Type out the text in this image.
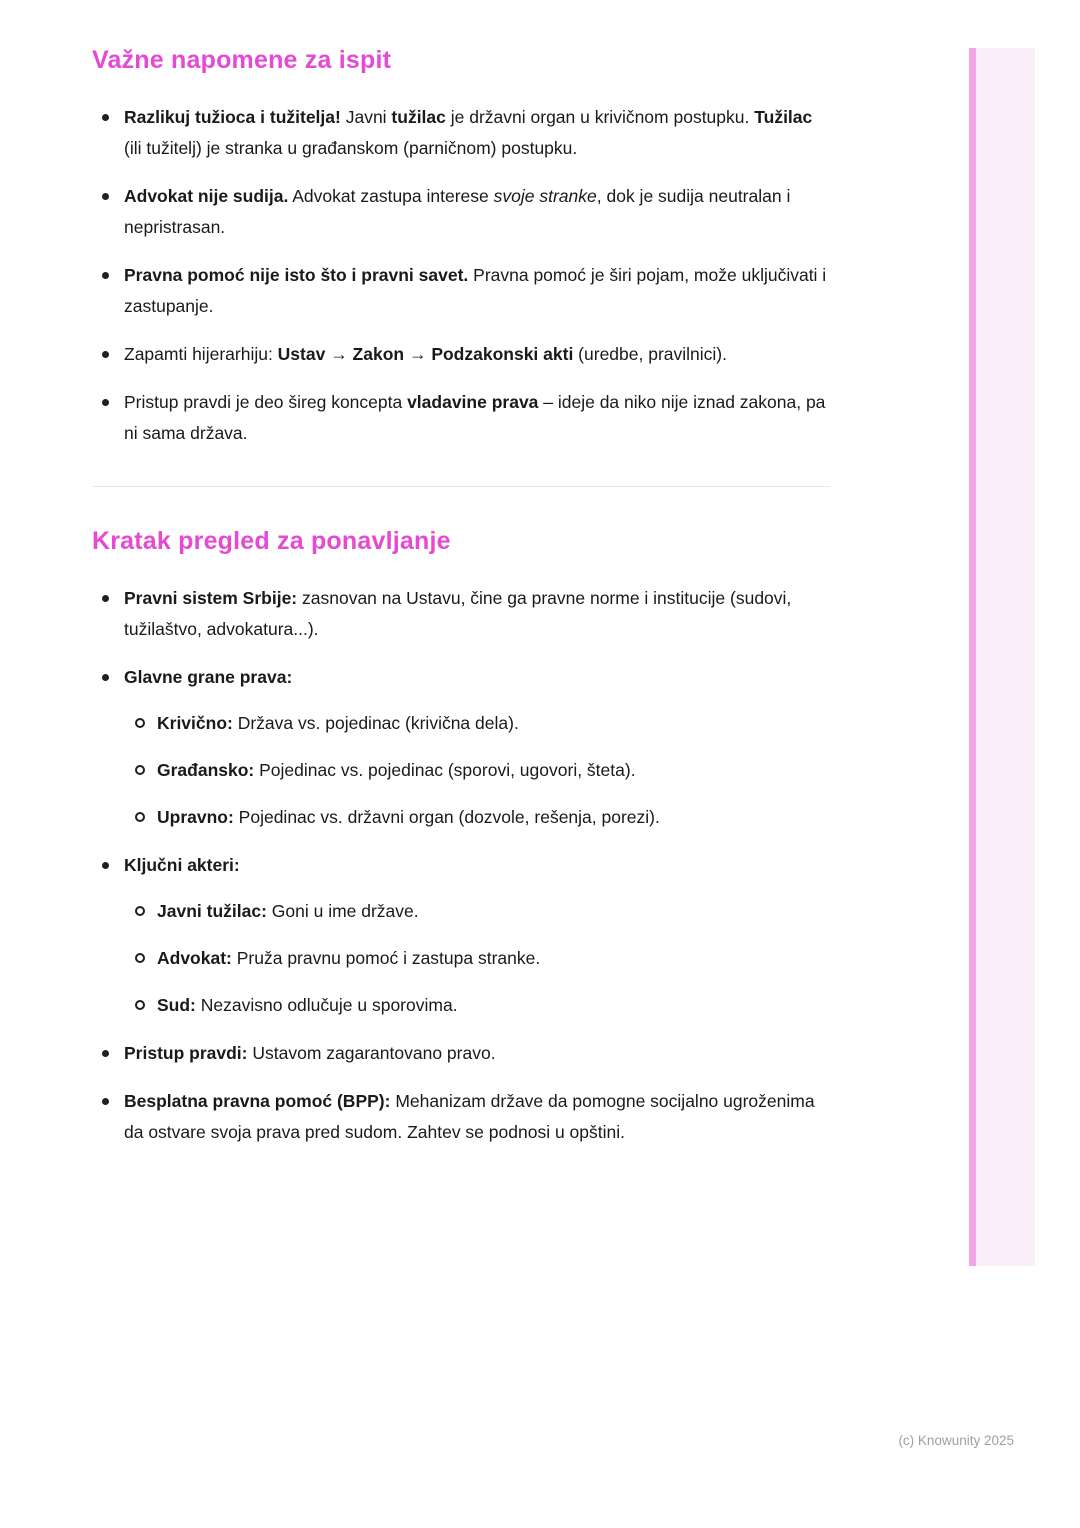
Važne napomene za ispit
Razlikuj tužioca i tužitelja! Javni tužilac je državni organ u krivičnom postupku. Tužilac (ili tužitelj) je stranka u građanskom (parničnom) postupku.
Advokat nije sudija. Advokat zastupa interese svoje stranke, dok je sudija neutralan i nepristrasan.
Pravna pomoć nije isto što i pravni savet. Pravna pomoć je širi pojam, može uključivati i zastupanje.
Zapamti hijerarhiju: Ustav → Zakon → Podzakonski akti (uredbe, pravilnici).
Pristup pravdi je deo šireg koncepta vladavine prava – ideje da niko nije iznad zakona, pa ni sama država.
Kratak pregled za ponavljanje
Pravni sistem Srbije: zasnovan na Ustavu, čine ga pravne norme i institucije (sudovi, tužilaštvo, advokatura...).
Glavne grane prava:
Krivično: Država vs. pojedinac (krivična dela).
Građansko: Pojedinac vs. pojedinac (sporovi, ugovori, šteta).
Upravno: Pojedinac vs. državni organ (dozvole, rešenja, porezi).
Ključni akteri:
Javni tužilac: Goni u ime države.
Advokat: Pruža pravnu pomoć i zastupa stranke.
Sud: Nezavisno odlučuje u sporovima.
Pristup pravdi: Ustavom zagarantovano pravo.
Besplatna pravna pomoć (BPP): Mehanizam države da pomogne socijalno ugroženima da ostvare svoja prava pred sudom. Zahtev se podnosi u opštini.
(c) Knowunity 2025
